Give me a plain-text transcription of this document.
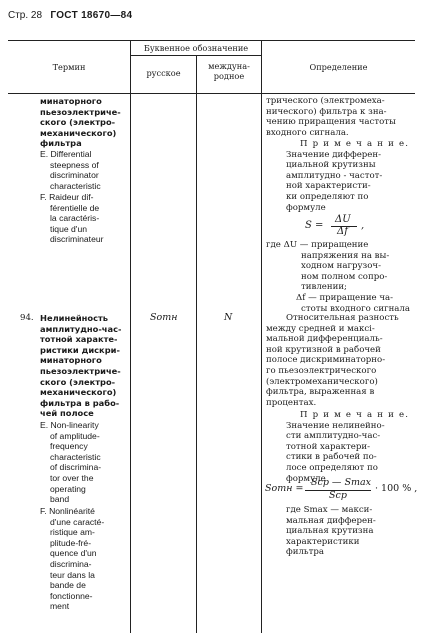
Стр. 28 ГОСТ 18670—84
Термин
Буквенное обозначение
русское
междуна-
родное
Определение
минаторного
пьезоэлектриче-
ского (электро-
механического)
фильтра
E. Differential
steepness of
discriminator
characteristic
F. Raideur dif-
férentielle de
la caractéris-
tique d'un
discriminateur
трического (электромеха-
нического) фильтра к зна-
чению приращения частоты
входного сигнала.
П р и м е ч а н и е.
Значение дифферен-
циальной крутизны
амплитудно - частот-
ной характеристи-
ки определяют по
формуле
S =
ΔU
Δf
,
где ΔU — приращение
напряжения на вы-
ходном нагрузоч-
ном полном сопро-
тивлении;
Δf — приращение ча-
стоты входного сигнала
94. Нелинейность
амплитудно-час-
тотной характе-
ристики дискри-
минаторного
пьезоэлектриче-
ского (электро-
механического)
фильтра в рабо-
чей полосе
E. Non-linearity
of amplitude-
frequency
characteristic
of discrimina-
tor over the
operating
band
F. Nonlinéarité
d'une caracté-
ristique am-
plitude-fré-
quence d'un
discrimina-
teur dans la
bande de
fonctionne-
ment
Sотн	N	Относительная разность
между средней и максі-
мальной дифференциаль-
ной крутизной в рабочей
полосе дискриминаторно-
го пьезоэлектрического
(электромеханического)
фильтра, выраженная в
процентах.
П р и м е ч а н и е.
Значение нелинейно-
сти амплитудно-час-
тотной характери-
стики в рабочей по-
лосе определяют по
формуле
Sотн =
Sср — Smax
Sср
· 100 % ,
где Smax — макси-
мальная дифферен-
циальная крутизна
характеристики
фильтра
